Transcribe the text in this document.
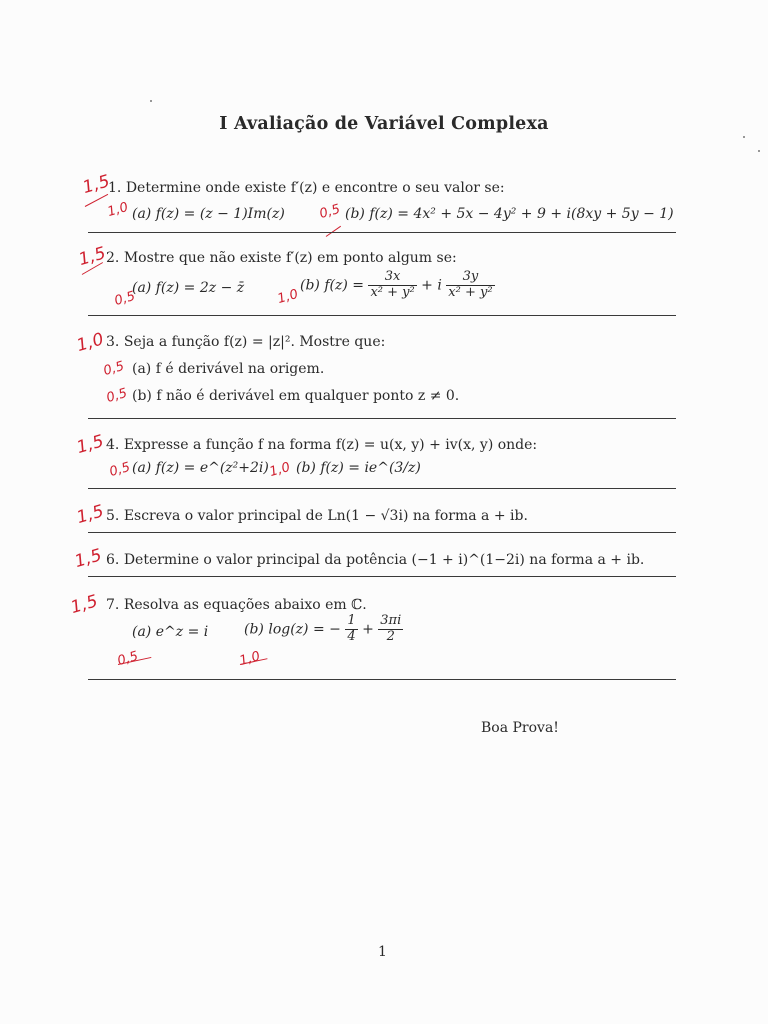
I Avaliação de Variável Complexa
1,5
1. Determine onde existe f′(z) e encontre o seu valor se:
1,0 (a) f(z) = (z − 1)Im(z)	0,5 (b) f(z) = 4x² + 5x − 4y² + 9 + i(8xy + 5y − 1)
1,5
2. Mostre que não existe f′(z) em ponto algum se:
0,5
(a) f(z) = 2z − z̄ 1,0
(b) $f(z) = \frac{3x}{\text{x² + y²}} + i \frac{3y}{\text{x² + y²}}$
1,0 3. Seja a função f(z) = |z|². Mostre que:
0,5 (a) f é derivável na origem.
0,5 (b) f não é derivável em qualquer ponto z ≠ 0.
1,5 4. Expresse a função f na forma f(z) = u(x, y) + iv(x, y) onde:
0,5 (a) f(z) = e^(z²+2i)
1,0 (b) f(z) = ie^(3/z)
1,5 5. Escreva o valor principal de Ln(1 − √3i) na forma a + ib.
1,5 6. Determine o valor principal da potência (−1 + i)^(1−2i) na forma a + ib.
1,5 7. Resolva as equações abaixo em ℂ.
(a) e^z = i
0,5
(b) log(z) = − $\frac{1}{4} + \frac{3\pi i}{2}$
1,0
Boa Prova!
1
